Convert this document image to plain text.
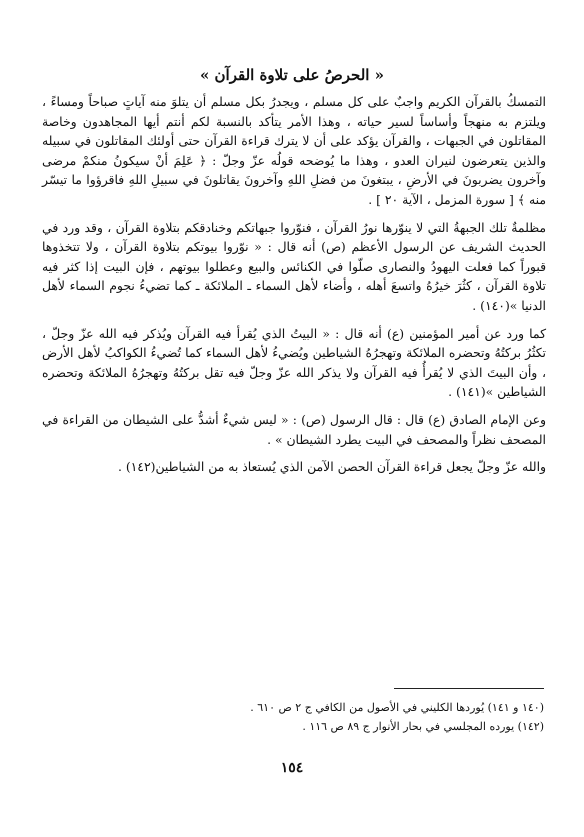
« الحرصُ على تلاوة القرآن »

التمسكُ بالقرآن الكريم واجبٌ على كل مسلم ، ويجدرُ بكل مسلم أن يتلوَ منه آياتٍ صباحاً ومساءً ، ويلتزم به منهجاً وأساساً لسير حياته ، وهذا الأمر يتأكد بالنسبة لكم أنتم أيها المجاهدون وخاصة المقاتلون في الجبهات ، والقرآن يؤكد على أن لا يترك قراءة القرآن حتى أولئك المقاتلون في سبيله والذين يتعرضون لنيران العدو ، وهذا ما يُوضحه قولُه عزّ وجلّ : ﴿ عَلِمَ أنْ سيكونُ منكمْ مرضى وآخرون يضربونَ في الأرضِ ، يبتغونَ من فضلِ اللهِ وآخرونَ يقاتلونَ في سبيلِ اللهِ فاقرؤوا ما تيسّر منه ﴾ [ سورة المزمل ، الآية ٢٠ ] .

مظلمةٌ تلك الجبهةُ التي لا ينوّرها نورُ القرآن ، فنوّروا جبهاتكم وخنادقكم بتلاوة القرآن ، وقد ورد في الحديث الشريف عن الرسول الأعظم (ص) أنه قال : « نوّروا بيوتكم بتلاوة القرآن ، ولا تتخذوها قبوراً كما فعلت اليهودُ والنصارى صلّوا في الكنائس والبيع وعطلوا بيوتهم ، فإن البيت إذا كثر فيه تلاوة القرآن ، كثُرَ خيرُهُ واتسعَ أهله ، وأضاء لأهل السماء ـ الملائكة ـ كما تضيءُ نجوم السماء لأهل الدنيا »(١٤٠) .

كما ورد عن أمير المؤمنين (ع) أنه قال : « البيتُ الذي يُقرأ فيه القرآن ويُذكر فيه الله عزّ وجلّ ، تكثُرُ بركتُهُ وتحضره الملائكة وتهجرُهُ الشياطين ويُضيءُ لأهل السماء كما تُضيءُ الكواكبُ لأهل الأرض ، وأن البيتَ الذي لا يُقرأُ فيه القرآن ولا يذكر الله عزّ وجلّ فيه تقل بركتُهُ وتهجرُهُ الملائكة وتحضره الشياطين »(١٤١) .

وعن الإمام الصادق (ع) قال : قال الرسول (ص) : « ليس شيءٌ أشدُّ على الشيطان من القراءة في المصحف نظراً والمصحف في البيت يطرد الشيطان » .

والله عزّ وجلّ يجعل قراءة القرآن الحصن الآمن الذي يُستعاذ به من الشياطين(١٤٢) .

(١٤٠ و ١٤١) يُوردها الكليني في الأصول من الكافي ج ٢ ص ٦١٠ .
(١٤٢) يورده المجلسي في بحار الأنوار ج ٨٩ ص ١١٦ .
١٥٤
